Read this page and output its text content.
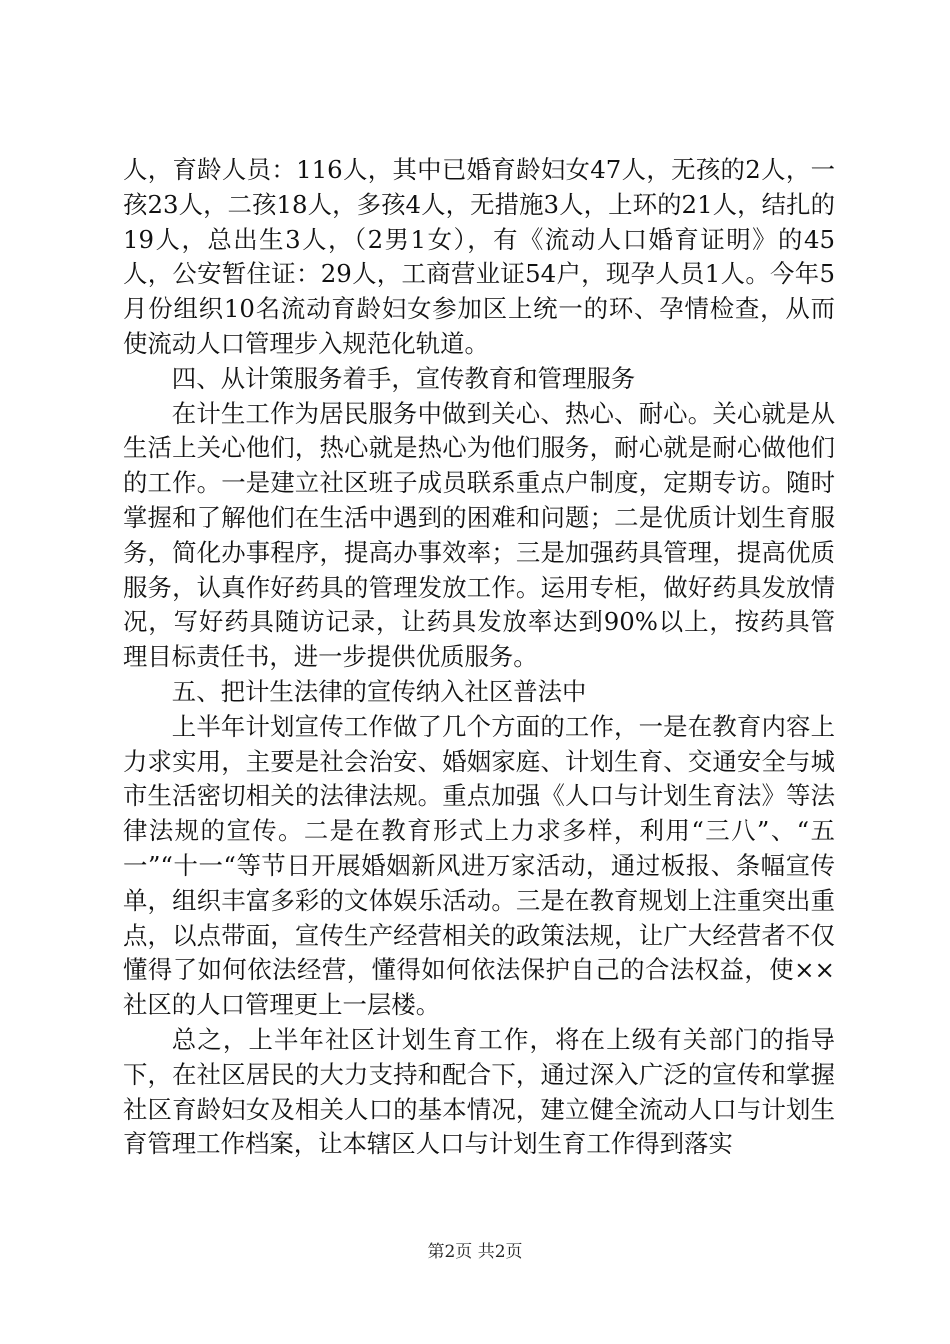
人，育龄人员：116人，其中已婚育龄妇女47人，无孩的2人，一孩23人，二孩18人，多孩4人，无措施3人，上环的21人，结扎的19人，总出生3人，（2男1女），有《流动人口婚育证明》的45人，公安暂住证：29人，工商营业证54户，现孕人员1人。今年5月份组织10名流动育龄妇女参加区上统一的环、孕情检查，从而使流动人口管理步入规范化轨道。

四、从计策服务着手，宣传教育和管理服务

在计生工作为居民服务中做到关心、热心、耐心。关心就是从生活上关心他们，热心就是热心为他们服务，耐心就是耐心做他们的工作。一是建立社区班子成员联系重点户制度，定期专访。随时掌握和了解他们在生活中遇到的困难和问题；二是优质计划生育服务，简化办事程序，提高办事效率；三是加强药具管理，提高优质服务，认真作好药具的管理发放工作。运用专柜，做好药具发放情况，写好药具随访记录，让药具发放率达到90%以上，按药具管理目标责任书，进一步提供优质服务。

五、把计生法律的宣传纳入社区普法中

上半年计划宣传工作做了几个方面的工作，一是在教育内容上力求实用，主要是社会治安、婚姻家庭、计划生育、交通安全与城市生活密切相关的法律法规。重点加强《人口与计划生育法》等法律法规的宣传。二是在教育形式上力求多样，利用“三八”、“五一”“十一“等节日开展婚姻新风进万家活动，通过板报、条幅宣传单，组织丰富多彩的文体娱乐活动。三是在教育规划上注重突出重点，以点带面，宣传生产经营相关的政策法规，让广大经营者不仅懂得了如何依法经营，懂得如何依法保护自己的合法权益，使××社区的人口管理更上一层楼。

总之，上半年社区计划生育工作，将在上级有关部门的指导下，在社区居民的大力支持和配合下，通过深入广泛的宣传和掌握社区育龄妇女及相关人口的基本情况，建立健全流动人口与计划生育管理工作档案，让本辖区人口与计划生育工作得到落实

第2页 共2页
